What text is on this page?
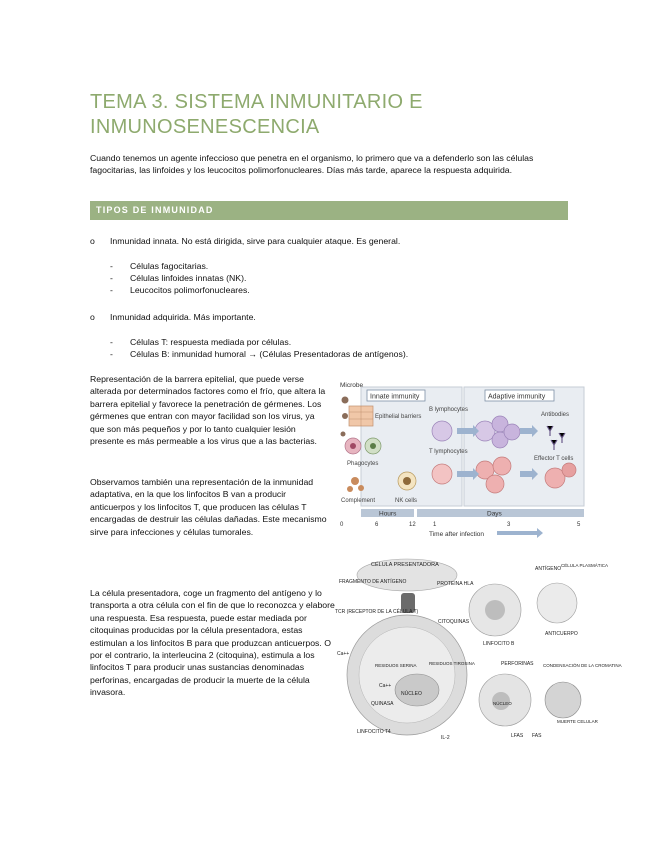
TEMA 3. SISTEMA INMUNITARIO E
INMUNOSENESCENCIA
Cuando tenemos un agente infeccioso que penetra en el organismo, lo primero que va a defenderlo son las células fagocitarias, las linfoides y los leucocitos polimorfonucleares. Días más tarde, aparece la respuesta adquirida.
TIPOS DE INMUNIDAD
o Inmunidad innata. No está dirigida, sirve para cualquier ataque. Es general.
- Células fagocitarias.
- Células linfoides innatas (NK).
- Leucocitos polimorfonucleares.
o Inmunidad adquirida. Más importante.
- Células T: respuesta mediada por células.
- Células B: inmunidad humoral → (Células Presentadoras de antígenos).
Representación de la barrera epitelial, que puede verse alterada por determinados factores como el frío, que altera la barrera epitelial y favorece la penetración de gérmenes. Los gérmenes que entran con mayor facilidad son los virus, ya que son más pequeños y por lo tanto cualquier lesión presente es más permeable a los virus que a las bacterias.
Observamos también una representación de la inmunidad adaptativa, en la que los linfocitos B van a producir anticuerpos y los linfocitos T, que producen las células T encargadas de destruir las células dañadas. Este mecanismo sirve para infecciones y células tumorales.
La célula presentadora, coge un fragmento del antígeno y lo transporta a otra célula con el fin de que lo reconozca y elabore una respuesta. Esa respuesta, puede estar mediada por citoquinas producidas por la célula presentadora, estas estimulan a los linfocitos B para que produzcan anticuerpos. O por el contrario, la interleucina 2 (citoquina), estimula a los linfocitos T para producir unas sustancias denominadas perforinas, encargadas de producir la muerte de la célula invasora.
Innate immunity	Adaptive immunity
Microbe
Epithelial barriers
Phagocytes
Complement	NK cells
B lymphocytes
Antibodies
T lymphocytes
Effector T cells
Hours	Days
0	6	12	1	3	5
Time after infection
CÉLULA PRESENTADORA
FRAGMENTO DE ANTÍGENO	PROTEINA HLA
TCR (RECEPTOR DE LA CÉLULA T)
CITOQUINAS
RESIDUOS TIROSINA
RESIDUOS SERINA
NÚCLEO
QUINASA
Ca++
Ca++
LINFOCITO T4
IL-2
LINFOCITO B
ANTÍGENO
CÉLULA PLASMÁTICA
ANTICUERPO
NÚCLEO
PERFORINAS CONDENSACIÓN DE LA CROMATINA
MUERTE CELULAR
LFAS FAS
